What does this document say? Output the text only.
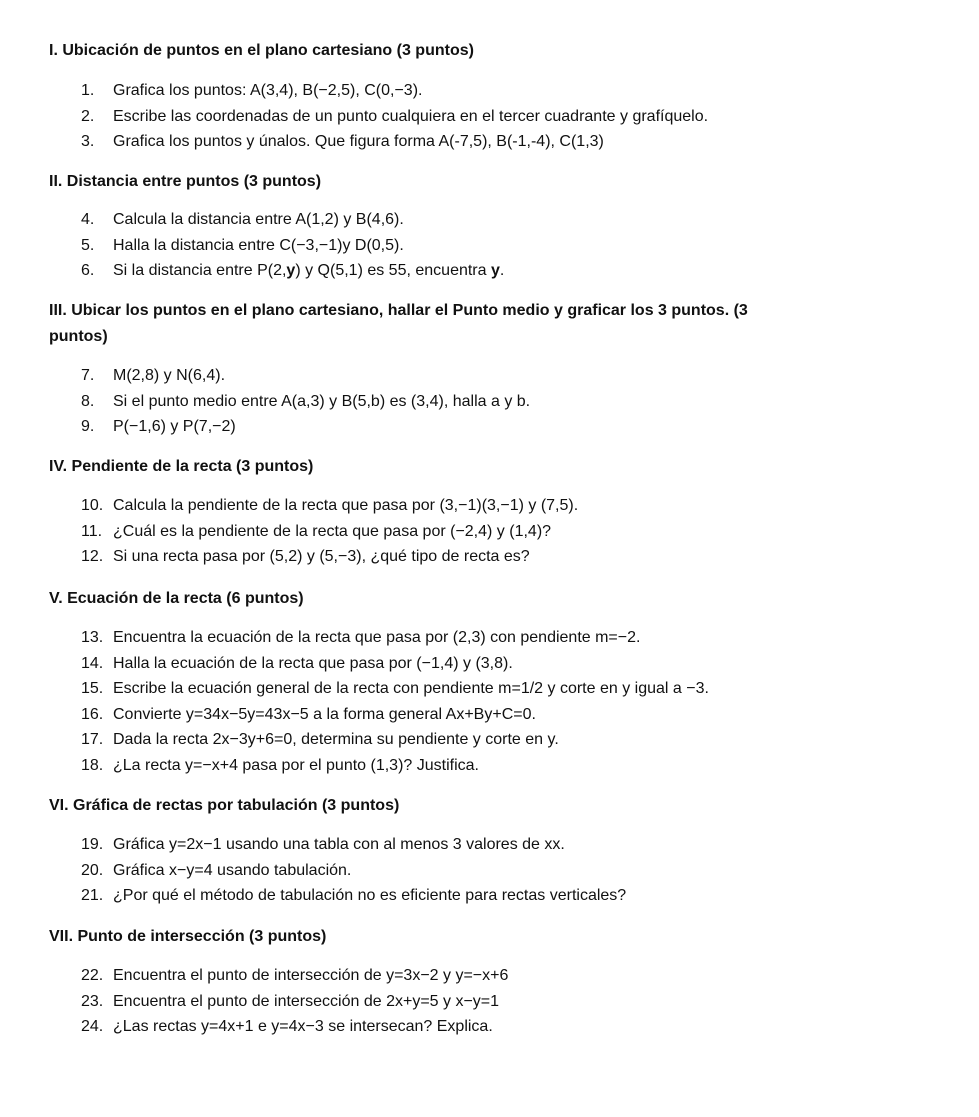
I. Ubicación de puntos en el plano cartesiano (3 puntos)

1.	Grafica los puntos: A(3,4), B(−2,5), C(0,−3).
2.	Escribe las coordenadas de un punto cualquiera en el tercer cuadrante y grafíquelo.
3.	Grafica los puntos y únalos. Que figura forma A(-7,5), B(-1,-4), C(1,3)

II. Distancia entre puntos (3 puntos)

4.	Calcula la distancia entre A(1,2) y B(4,6).
5.	Halla la distancia entre C(−3,−1)y D(0,5).
6.	Si la distancia entre P(2,y) y Q(5,1) es 55, encuentra y.

III. Ubicar los puntos en el plano cartesiano, hallar el Punto medio y graficar los 3 puntos. (3

puntos)

7.	M(2,8) y N(6,4).
8.	Si el punto medio entre A(a,3) y B(5,b) es (3,4), halla a y b.
9.	P(−1,6) y P(7,−2)

IV. Pendiente de la recta (3 puntos)

10. Calcula la pendiente de la recta que pasa por (3,−1)(3,−1) y (7,5).
11. ¿Cuál es la pendiente de la recta que pasa por (−2,4) y (1,4)?
12. Si una recta pasa por (5,2) y (5,−3), ¿qué tipo de recta es?

V. Ecuación de la recta (6 puntos)

13. Encuentra la ecuación de la recta que pasa por (2,3) con pendiente m=−2.
14. Halla la ecuación de la recta que pasa por (−1,4) y (3,8).
15. Escribe la ecuación general de la recta con pendiente m=1/2 y corte en y igual a −3.
16. Convierte y=34x−5y=43x−5 a la forma general Ax+By+C=0.
17. Dada la recta 2x−3y+6=0, determina su pendiente y corte en y.
18. ¿La recta y=−x+4 pasa por el punto (1,3)? Justifica.

VI. Gráfica de rectas por tabulación (3 puntos)

19. Gráfica y=2x−1 usando una tabla con al menos 3 valores de xx.
20. Gráfica x−y=4 usando tabulación.
21. ¿Por qué el método de tabulación no es eficiente para rectas verticales?

VII. Punto de intersección (3 puntos)

22. Encuentra el punto de intersección de y=3x−2 y y=−x+6
23. Encuentra el punto de intersección de 2x+y=5 y x−y=1
24. ¿Las rectas y=4x+1 e y=4x−3 se intersecan? Explica.
